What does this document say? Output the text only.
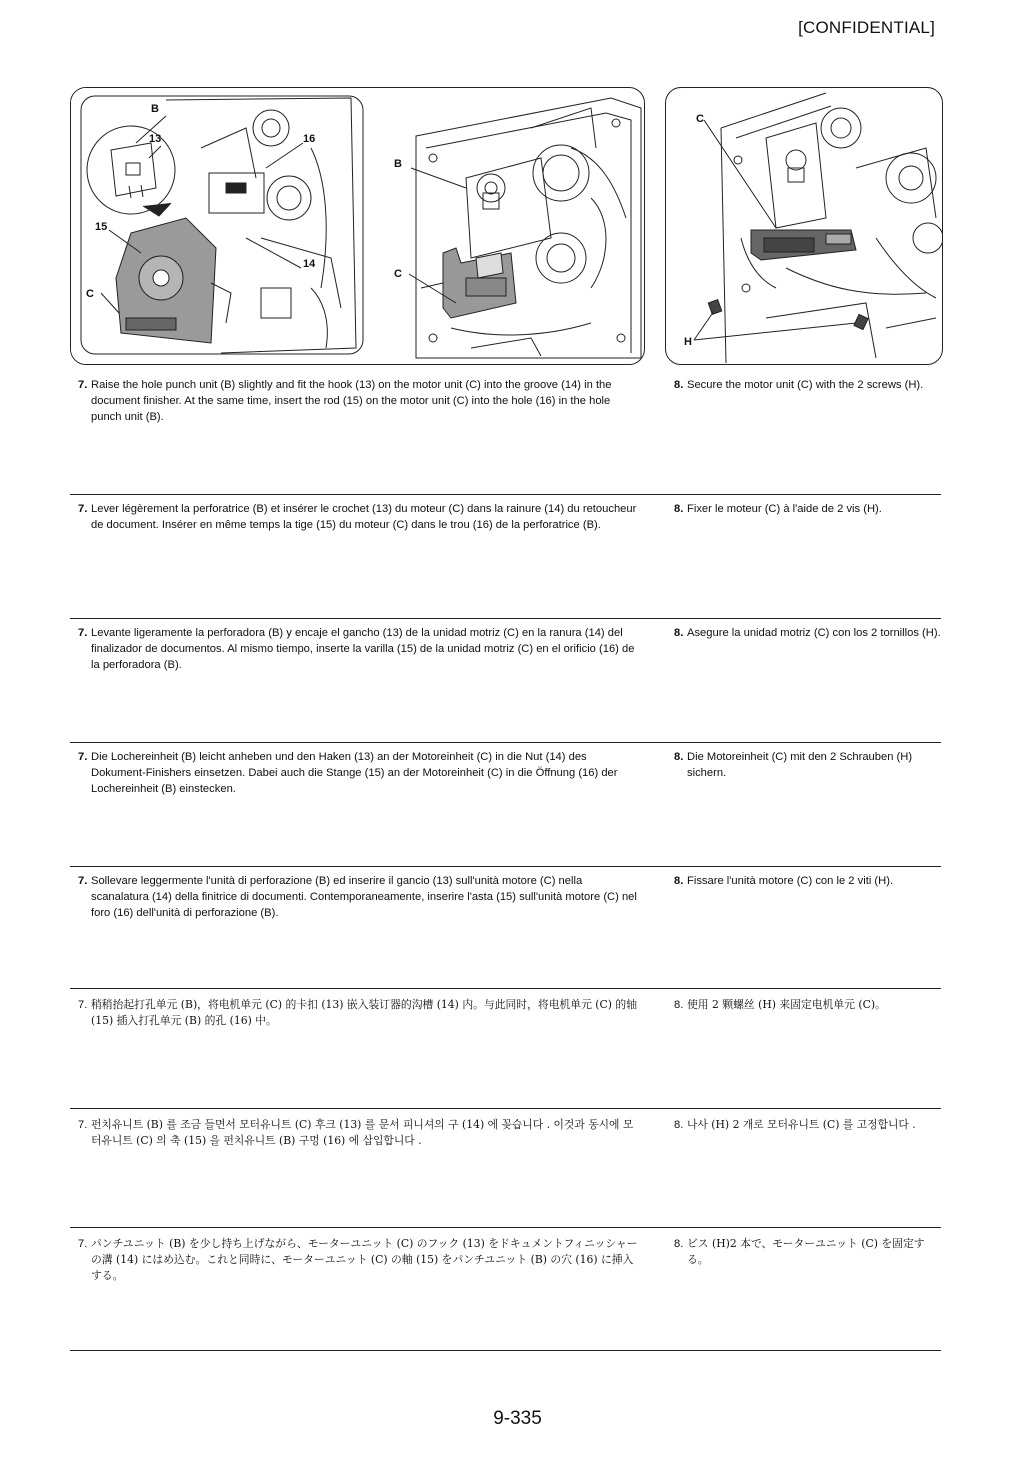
[CONFIDENTIAL]
B
13	16
15
14
C
B
C
C
H
7. Raise the hole punch unit (B) slightly and fit the hook (13) on the motor unit (C) into the groove (14) in the document finisher. At the same time, insert the rod (15) on the motor unit (C) into the hole (16) in the hole punch unit (B).
8. Secure the motor unit (C) with the 2 screws (H).
7. Lever légèrement la perforatrice (B) et insérer le crochet (13) du moteur (C) dans la rainure (14) du retoucheur de document. Insérer en même temps la tige (15) du moteur (C) dans le trou (16) de la perforatrice (B).
8. Fixer le moteur (C) à l'aide de 2 vis (H).
7. Levante ligeramente la perforadora (B) y encaje el gancho (13) de la unidad motriz (C) en la ranura (14) del finalizador de documentos. Al mismo tiempo, inserte la varilla (15) de la unidad motriz (C) en el orificio (16) de la perforadora (B).
8. Asegure la unidad motriz (C) con los 2 tornillos (H).
7. Die Lochereinheit (B) leicht anheben und den Haken (13) an der Motoreinheit (C) in die Nut (14) des Dokument-Finishers einsetzen. Dabei auch die Stange (15) an der Motoreinheit (C) in die Öffnung (16) der Lochereinheit (B) einstecken.
8. Die Motoreinheit (C) mit den 2 Schrauben (H) sichern.
7. Sollevare leggermente l'unità di perforazione (B) ed inserire il gancio (13) sull'unità motore (C) nella scanalatura (14) della finitrice di documenti. Contemporaneamente, inserire l'asta (15) sull'unità motore (C) nel foro (16) dell'unità di perforazione (B).
8. Fissare l'unità motore (C) con le 2 viti (H).
7. 稍稍抬起打孔单元 (B)，将电机单元 (C) 的卡扣 (13) 嵌入装订器的沟槽 (14) 内。与此同时，将电机单元 (C) 的轴 (15) 插入打孔单元 (B) 的孔 (16) 中。
8. 使用 2 颗螺丝 (H) 来固定电机单元 (C)。
7. 펀치유니트 (B) 를 조금 들면서 모터유니트 (C) 후크 (13) 를 문서 피니셔의 구 (14) 에 꽂습니다 . 이것과 동시에 모터유니트 (C) 의 축 (15) 을 펀치유니트 (B) 구멍 (16) 에 삽입합니다 .
8. 나사 (H) 2 개로 모터유니트 (C) 를 고정합니다 .
7. パンチユニット (B) を少し持ち上げながら、モーターユニット (C) のフック (13) をドキュメントフィニッシャーの溝 (14) にはめ込む。これと同時に、モーターユニット (C) の軸 (15) をパンチユニット (B) の穴 (16) に挿入する。
8. ビス (H)2 本で、モーターユニット (C) を固定する。
9-335
